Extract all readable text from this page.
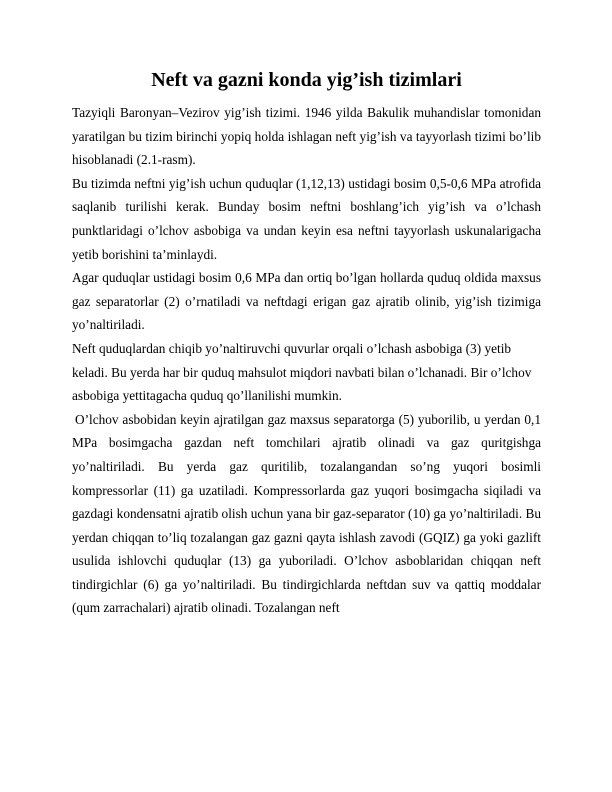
Neft va gazni konda yig’ish tizimlari

Tazyiqli Baronyan–Vezirov yig’ish tizimi. 1946 yilda Bakulik muhandislar tomonidan yaratilgan bu tizim birinchi yopiq holda ishlagan neft yig’ish va tayyorlash tizimi bo’lib hisoblanadi (2.1-rasm).

Bu tizimda neftni yig’ish uchun quduqlar (1,12,13) ustidagi bosim 0,5-0,6 MPa atrofida saqlanib turilishi kerak. Bunday bosim neftni boshlang’ich yig’ish va o’lchash punktlaridagi o’lchov asbobiga va undan keyin esa neftni tayyorlash uskunalarigacha yetib borishini ta’minlaydi.

Agar quduqlar ustidagi bosim 0,6 MPa dan ortiq bo’lgan hollarda quduq oldida maxsus gaz separatorlar (2) o’rnatiladi va neftdagi erigan gaz ajratib olinib, yig’ish tizimiga yo’naltiriladi.

Neft quduqlardan chiqib yo’naltiruvchi quvurlar orqali o’lchash asbobiga (3) yetib keladi. Bu yerda har bir quduq mahsulot miqdori navbati bilan o’lchanadi. Bir o’lchov asbobiga yettitagacha quduq qo’llanilishi mumkin.

O’lchov asbobidan keyin ajratilgan gaz maxsus separatorga (5) yuborilib, u yerdan 0,1 MPa bosimgacha gazdan neft tomchilari ajratib olinadi va gaz quritgishga yo’naltiriladi. Bu yerda gaz quritilib, tozalangandan so’ng yuqori bosimli kompressorlar (11) ga uzatiladi. Kompressorlarda gaz yuqori bosimgacha siqiladi va gazdagi kondensatni ajratib olish uchun yana bir gaz-separator (10) ga yo’naltiriladi. Bu yerdan chiqqan to’liq tozalangan gaz gazni qayta ishlash zavodi (GQIZ) ga yoki gazlift usulida ishlovchi quduqlar (13) ga yuboriladi. O’lchov asboblaridan chiqqan neft tindirgichlar (6) ga yo’naltiriladi. Bu tindirgichlarda neftdan suv va qattiq moddalar (qum zarrachalari) ajratib olinadi. Tozalangan neft
